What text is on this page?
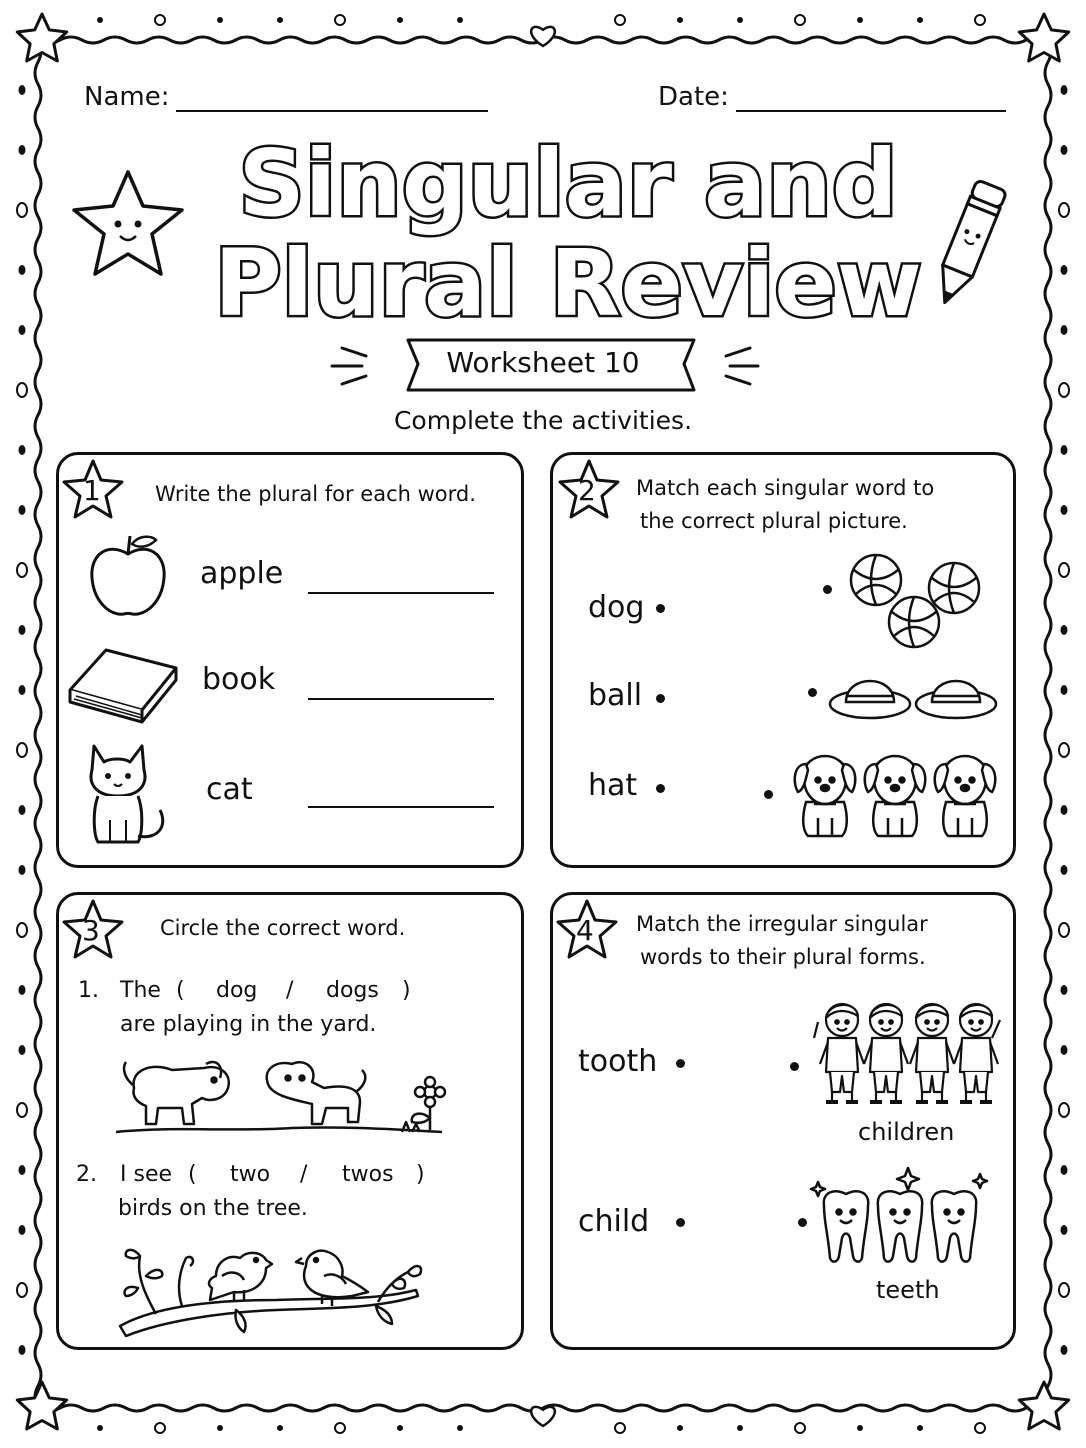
Name:	Date:
Singular and
Plural Review
Worksheet 10
Complete the activities.
1	Write the plural for each word.
apple
book
cat
2 Match each singular word to
the correct plural picture.
dog
ball
hat
3	Circle the correct word.
1. The ( dog / dogs )
are playing in the yard.
2. I see ( two / twos )
birds on the tree.
4 Match the irregular singular
words to their plural forms.
tooth
child
children
teeth
